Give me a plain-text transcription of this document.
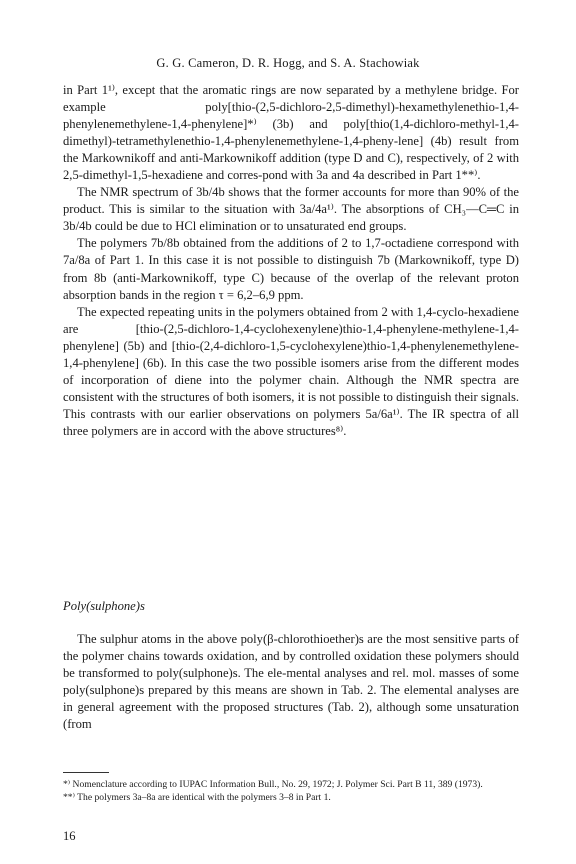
G. G. Cameron, D. R. Hogg, and S. A. Stachowiak

in Part 1¹⁾, except that the aromatic rings are now separated by a methylene bridge. For example poly[thio-(2,5-dichloro-2,5-dimethyl)-hexamethylenethio-1,4-phenylenemethylene-1,4-phenylene]*⁾ (3b) and poly[thio(1,4-dichloro-methyl-1,4-dimethyl)-tetramethylenethio-1,4-phenylenemethylene-1,4-pheny-lene] (4b) result from the Markownikoff and anti-Markownikoff addition (type D and C), respectively, of 2 with 2,5-dimethyl-1,5-hexadiene and corres-pond with 3a and 4a described in Part 1**⁾.

The NMR spectrum of 3b/4b shows that the former accounts for more than 90% of the product. This is similar to the situation with 3a/4a¹⁾. The absorptions of CH₃—C═C in 3b/4b could be due to HCl elimination or to unsaturated end groups.

The polymers 7b/8b obtained from the additions of 2 to 1,7-octadiene correspond with 7a/8a of Part 1. In this case it is not possible to distinguish 7b (Markownikoff, type D) from 8b (anti-Markownikoff, type C) because of the overlap of the relevant proton absorption bands in the region τ = 6,2–6,9 ppm.

The expected repeating units in the polymers obtained from 2 with 1,4-cyclo-hexadiene are [thio-(2,5-dichloro-1,4-cyclohexenylene)thio-1,4-phenylene-methylene-1,4-phenylene] (5b) and [thio-(2,4-dichloro-1,5-cyclohexylene)thio-1,4-phenylenemethylene-1,4-phenylene] (6b). In this case the two possible isomers arise from the different modes of incorporation of diene into the polymer chain. Although the NMR spectra are consistent with the structures of both isomers, it is not possible to distinguish their signals. This contrasts with our earlier observations on polymers 5a/6a¹⁾. The IR spectra of all three polymers are in accord with the above structures⁸⁾.

Poly(sulphone)s

The sulphur atoms in the above poly(β-chlorothioether)s are the most sensitive parts of the polymer chains towards oxidation, and by controlled oxidation these polymers should be transformed to poly(sulphone)s. The ele-mental analyses and rel. mol. masses of some poly(sulphone)s prepared by this means are shown in Tab. 2. The elemental analyses are in general agreement with the proposed structures (Tab. 2), although some unsaturation (from

*⁾ Nomenclature according to IUPAC Information Bull., No. 29, 1972; J. Polymer Sci. Part B 11, 389 (1973).

**⁾ The polymers 3a–8a are identical with the polymers 3–8 in Part 1.

16
